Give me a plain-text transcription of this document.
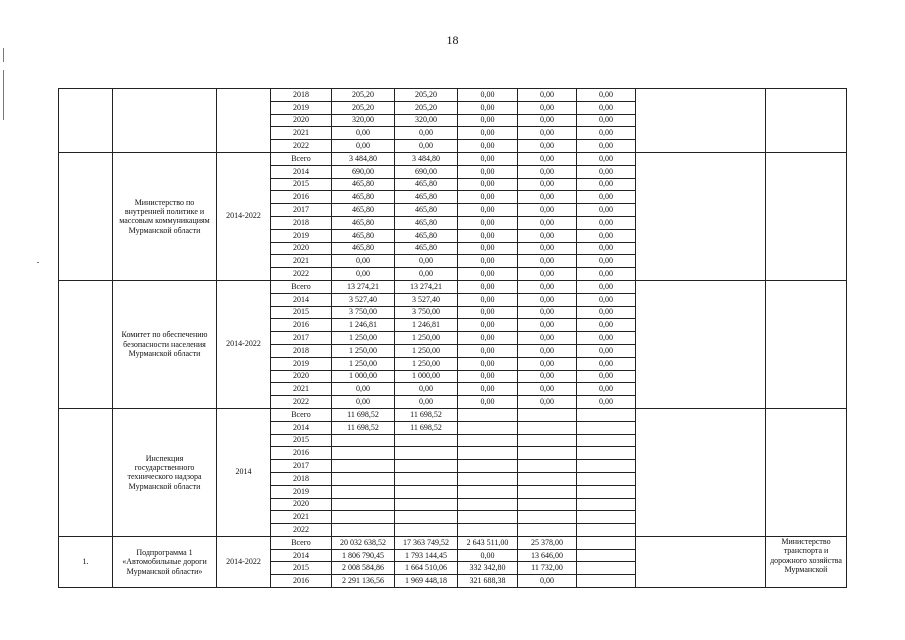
18
			2018	205,20	205,20	0,00	0,00	0,00		
			2019	205,20	205,20	0,00	0,00	0,00		
			2020	320,00	320,00	0,00	0,00	0,00		
			2021	0,00	0,00	0,00	0,00	0,00		
			2022	0,00	0,00	0,00	0,00	0,00		
	Министерство по внутренней политике и массовым коммуникациям Мурманской области	2014-2022	Всего	3 484,80	3 484,80	0,00	0,00	0,00		
			2014	690,00	690,00	0,00	0,00	0,00		
			2015	465,80	465,80	0,00	0,00	0,00		
			2016	465,80	465,80	0,00	0,00	0,00		
			2017	465,80	465,80	0,00	0,00	0,00		
			2018	465,80	465,80	0,00	0,00	0,00		
			2019	465,80	465,80	0,00	0,00	0,00		
			2020	465,80	465,80	0,00	0,00	0,00		
			2021	0,00	0,00	0,00	0,00	0,00		
			2022	0,00	0,00	0,00	0,00	0,00		
	Комитет по обеспечению безопасности населения Мурманской области	2014-2022	Всего	13 274,21	13 274,21	0,00	0,00	0,00		
			2014	3 527,40	3 527,40	0,00	0,00	0,00		
			2015	3 750,00	3 750,00	0,00	0,00	0,00		
			2016	1 246,81	1 246,81	0,00	0,00	0,00		
			2017	1 250,00	1 250,00	0,00	0,00	0,00		
			2018	1 250,00	1 250,00	0,00	0,00	0,00		
			2019	1 250,00	1 250,00	0,00	0,00	0,00		
			2020	1 000,00	1 000,00	0,00	0,00	0,00		
			2021	0,00	0,00	0,00	0,00	0,00		
			2022	0,00	0,00	0,00	0,00	0,00		
	Инспекция государственного технического надзора Мурманской области	2014	Всего	11 698,52	11 698,52					
			2014	11 698,52	11 698,52					
			2015							
			2016							
			2017							
			2018							
			2019							
			2020							
			2021							
			2022							
1.	Подпрограмма 1 «Автомобильные дороги Мурманской области»	2014-2022	Всего	20 032 638,52	17 363 749,52	2 643 511,00	25 378,00			Министерство транспорта и дорожного хозяйства Мурманской
			2014	1 806 790,45	1 793 144,45	0,00	13 646,00			
			2015	2 008 584,86	1 664 510,06	332 342,80	11 732,00			
			2016	2 291 136,56	1 969 448,18	321 688,38	0,00			
